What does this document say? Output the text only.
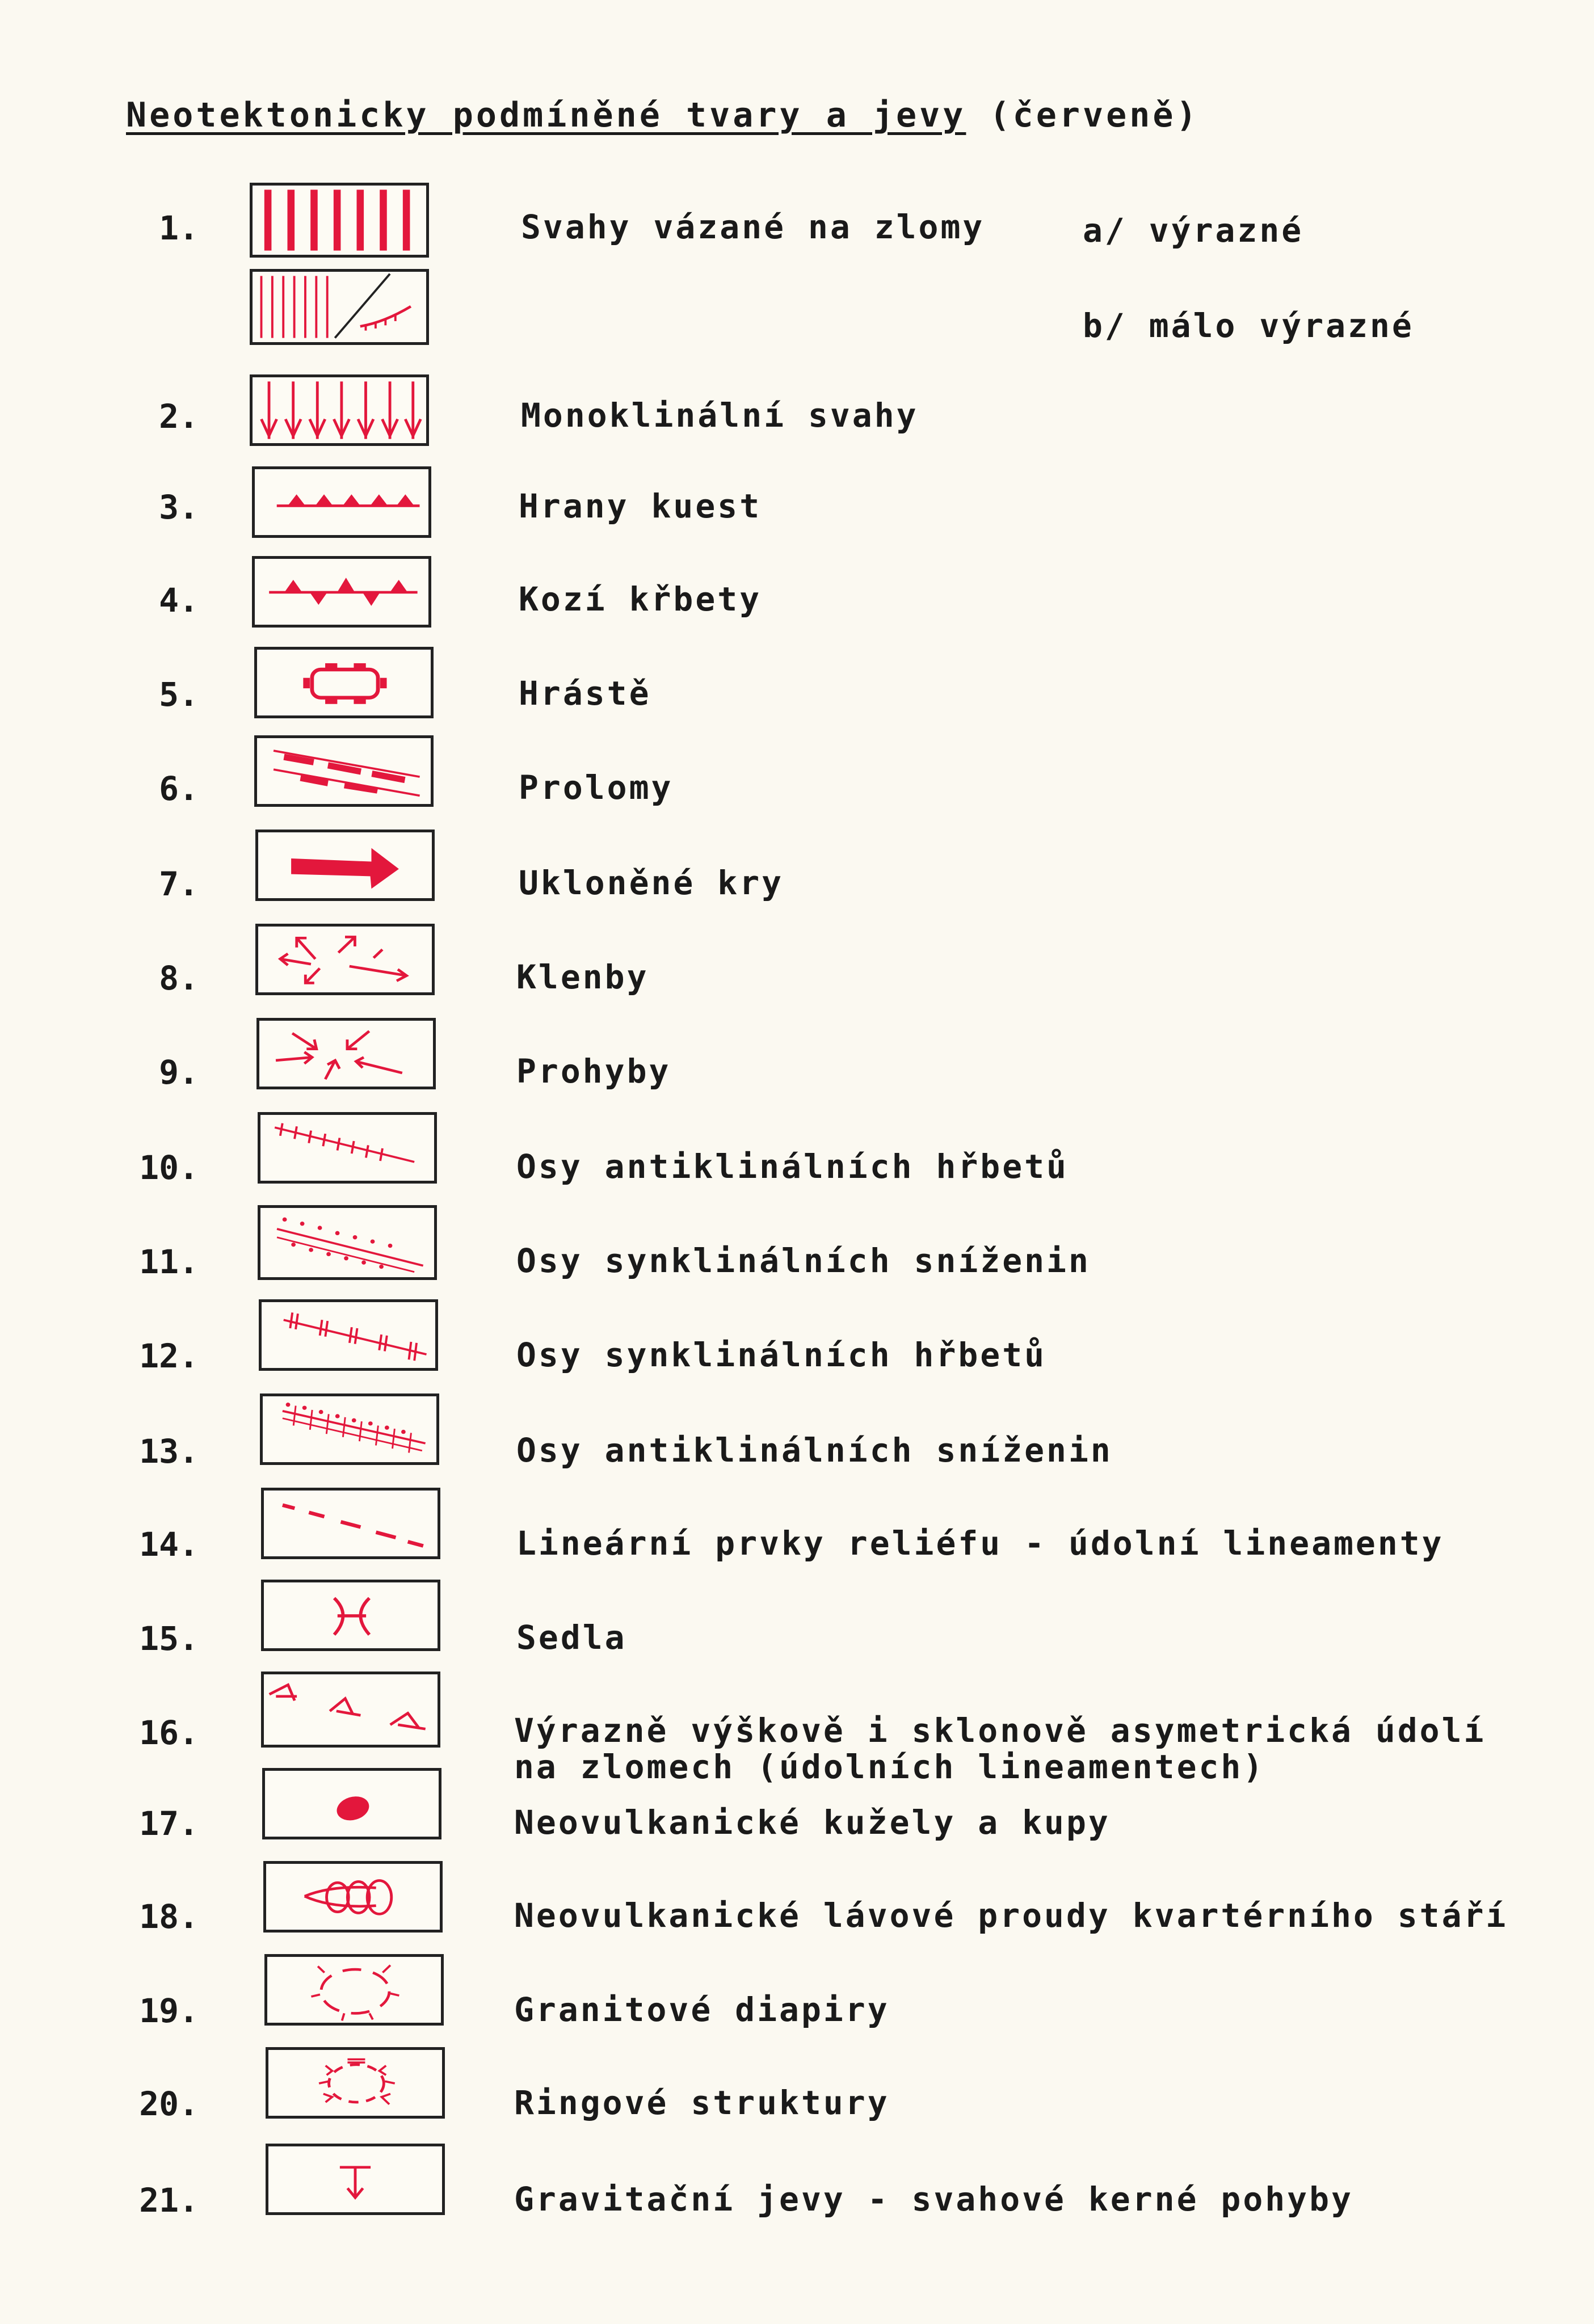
Neotektonicky podmíněné tvary a jevy (červeně)
1.	Svahy vázané na zlomy	a/ výrazné
b/ málo výrazné
2.	Monoklinální svahy
3.	Hrany kuest
4.	Kozí křbety
5.	Hrástě
6.	Prolomy
7.	Ukloněné kry
8.	Klenby
9.	Prohyby
10.	Osy antiklinálních hřbetů
11.	Osy synklinálních sníženin
12.	Osy synklinálních hřbetů
13.	Osy antiklinálních sníženin
14.	Lineární prvky reliéfu - údolní lineamenty
15.	Sedla
16.	Výrazně výškově i sklonově asymetrická údolí
na zlomech (údolních lineamentech)
17.	Neovulkanické kužely a kupy
18.	Neovulkanické lávové proudy kvartérního stáří
19.	Granitové diapiry
20.	Ringové struktury
21.	Gravitační jevy - svahové kerné pohyby
